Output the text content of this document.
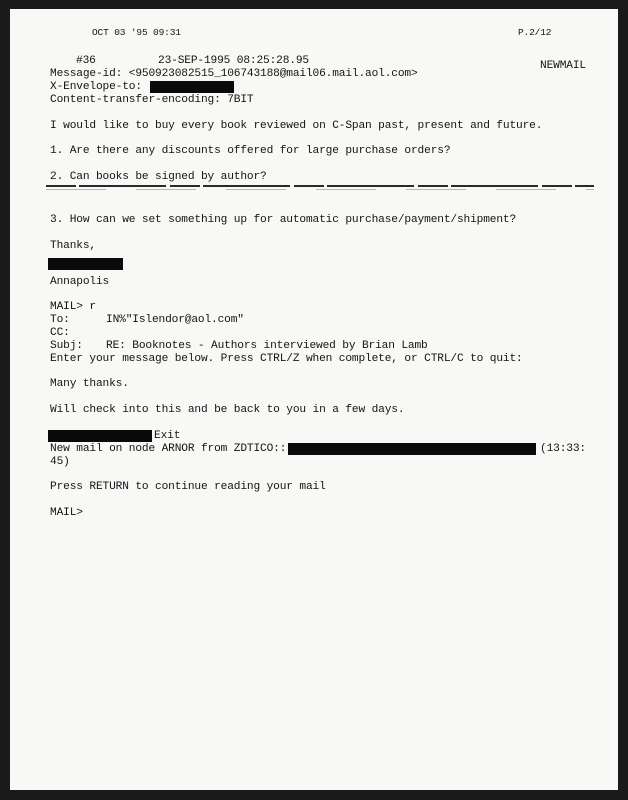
OCT 03 '95 09:31	P.2/12
#36	23-SEP-1995 08:25:28.95	NEWMAIL
Message-id: <950923082515_106743188@mail06.mail.aol.com>
X-Envelope-to:
Content-transfer-encoding: 7BIT
I would like to buy every book reviewed on C-Span past, present and future.
1. Are there any discounts offered for large purchase orders?
2. Can books be signed by author?
3. How can we set something up for automatic purchase/payment/shipment?
Thanks,
Annapolis
MAIL> r
To:	IN%"Islendor@aol.com"
CC:
Subj: RE: Booknotes - Authors interviewed by Brian Lamb
Enter your message below. Press CTRL/Z when complete, or CTRL/C to quit:
Many thanks.
Will check into this and be back to you in a few days.
Exit
New mail on node ARNOR from ZDTICO::	(13:33:
45)
Press RETURN to continue reading your mail
MAIL>
